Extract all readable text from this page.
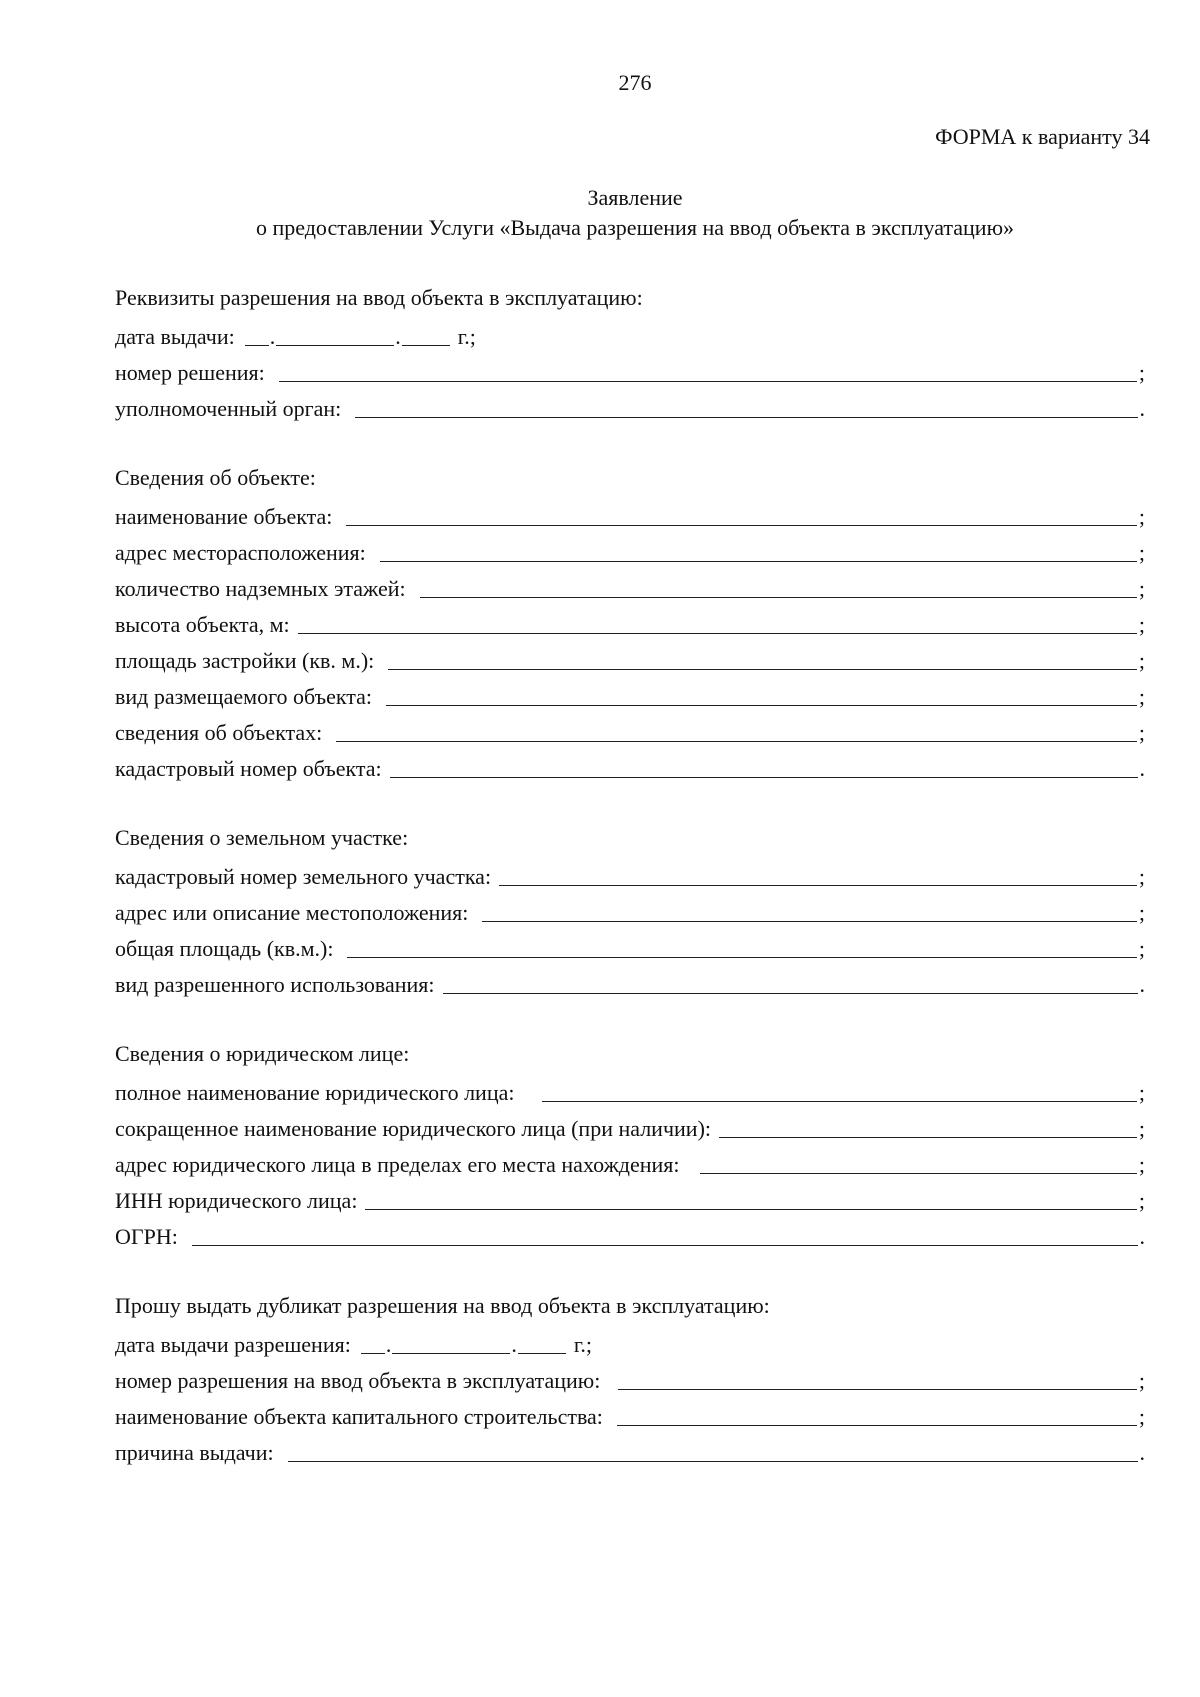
276
ФОРМА к варианту 34
Заявление
о предоставлении Услуги «Выдача разрешения на ввод объекта в эксплуатацию»
Реквизиты разрешения на ввод объекта в эксплуатацию:
дата выдачи: .	.	г.;
номер решения:	;
уполномоченный орган:	.
Сведения об объекте:
наименование объекта:	;
адрес месторасположения:	;
количество надземных этажей:	;
высота объекта, м:	;
площадь застройки (кв. м.):	;
вид размещаемого объекта:	;
сведения об объектах:	;
кадастровый номер объекта:	.
Сведения о земельном участке:
кадастровый номер земельного участка:	;
адрес или описание местоположения:	;
общая площадь (кв.м.):	;
вид разрешенного использования:	.
Сведения о юридическом лице:
полное наименование юридического лица:	;
сокращенное наименование юридического лица (при наличии):	;
адрес юридического лица в пределах его места нахождения:	;
ИНН юридического лица:	;
ОГРН:	.
Прошу выдать дубликат разрешения на ввод объекта в эксплуатацию:
дата выдачи разрешения: .	.	г.;
номер разрешения на ввод объекта в эксплуатацию:	;
наименование объекта капитального строительства:	;
причина выдачи:	.
